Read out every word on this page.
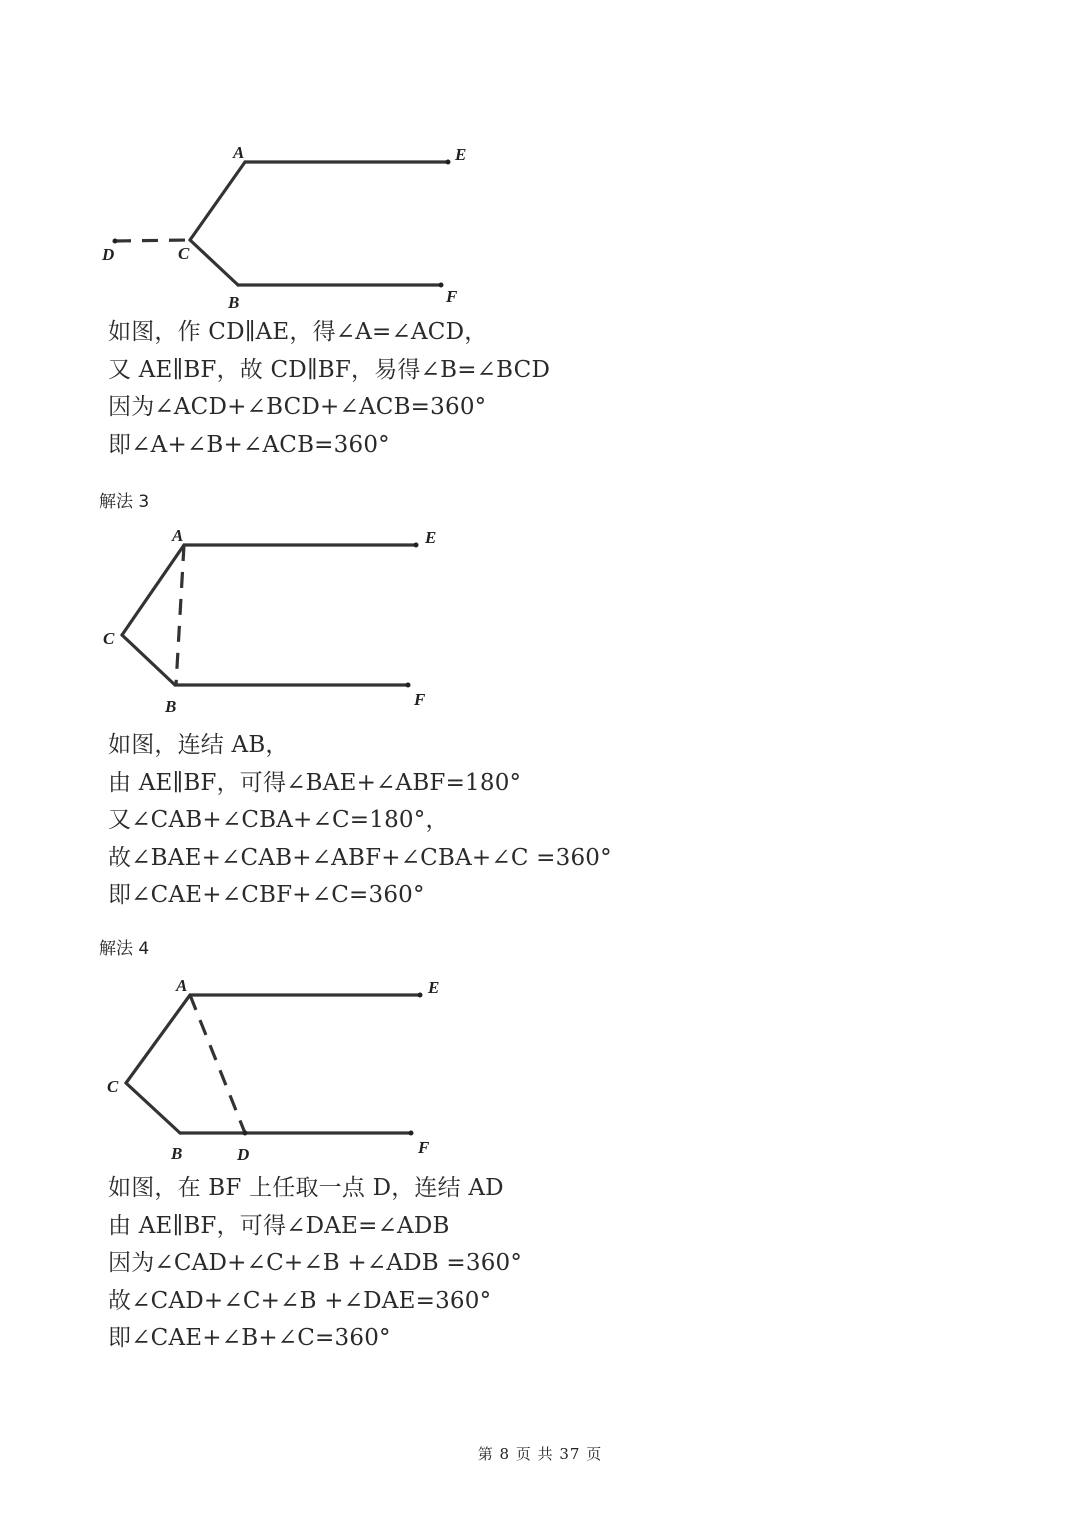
A	E
D	C
B	F
如图，作 CD∥AE，得∠A=∠ACD，
又 AE∥BF，故 CD∥BF，易得∠B=∠BCD
因为∠ACD+∠BCD+∠ACB=360°
即∠A+∠B+∠ACB=360°
解法 3
A	E
C
B	F
如图，连结 AB，
由 AE∥BF，可得∠BAE+∠ABF=180°
又∠CAB+∠CBA+∠C=180°，
故∠BAE+∠CAB+∠ABF+∠CBA+∠C =360°
即∠CAE+∠CBF+∠C=360°
解法 4
A	E
C
B	D	F
如图，在 BF 上任取一点 D，连结 AD
由 AE∥BF，可得∠DAE=∠ADB
因为∠CAD+∠C+∠B +∠ADB =360°
故∠CAD+∠C+∠B +∠DAE=360°
即∠CAE+∠B+∠C=360°
第 8 页 共 37 页
